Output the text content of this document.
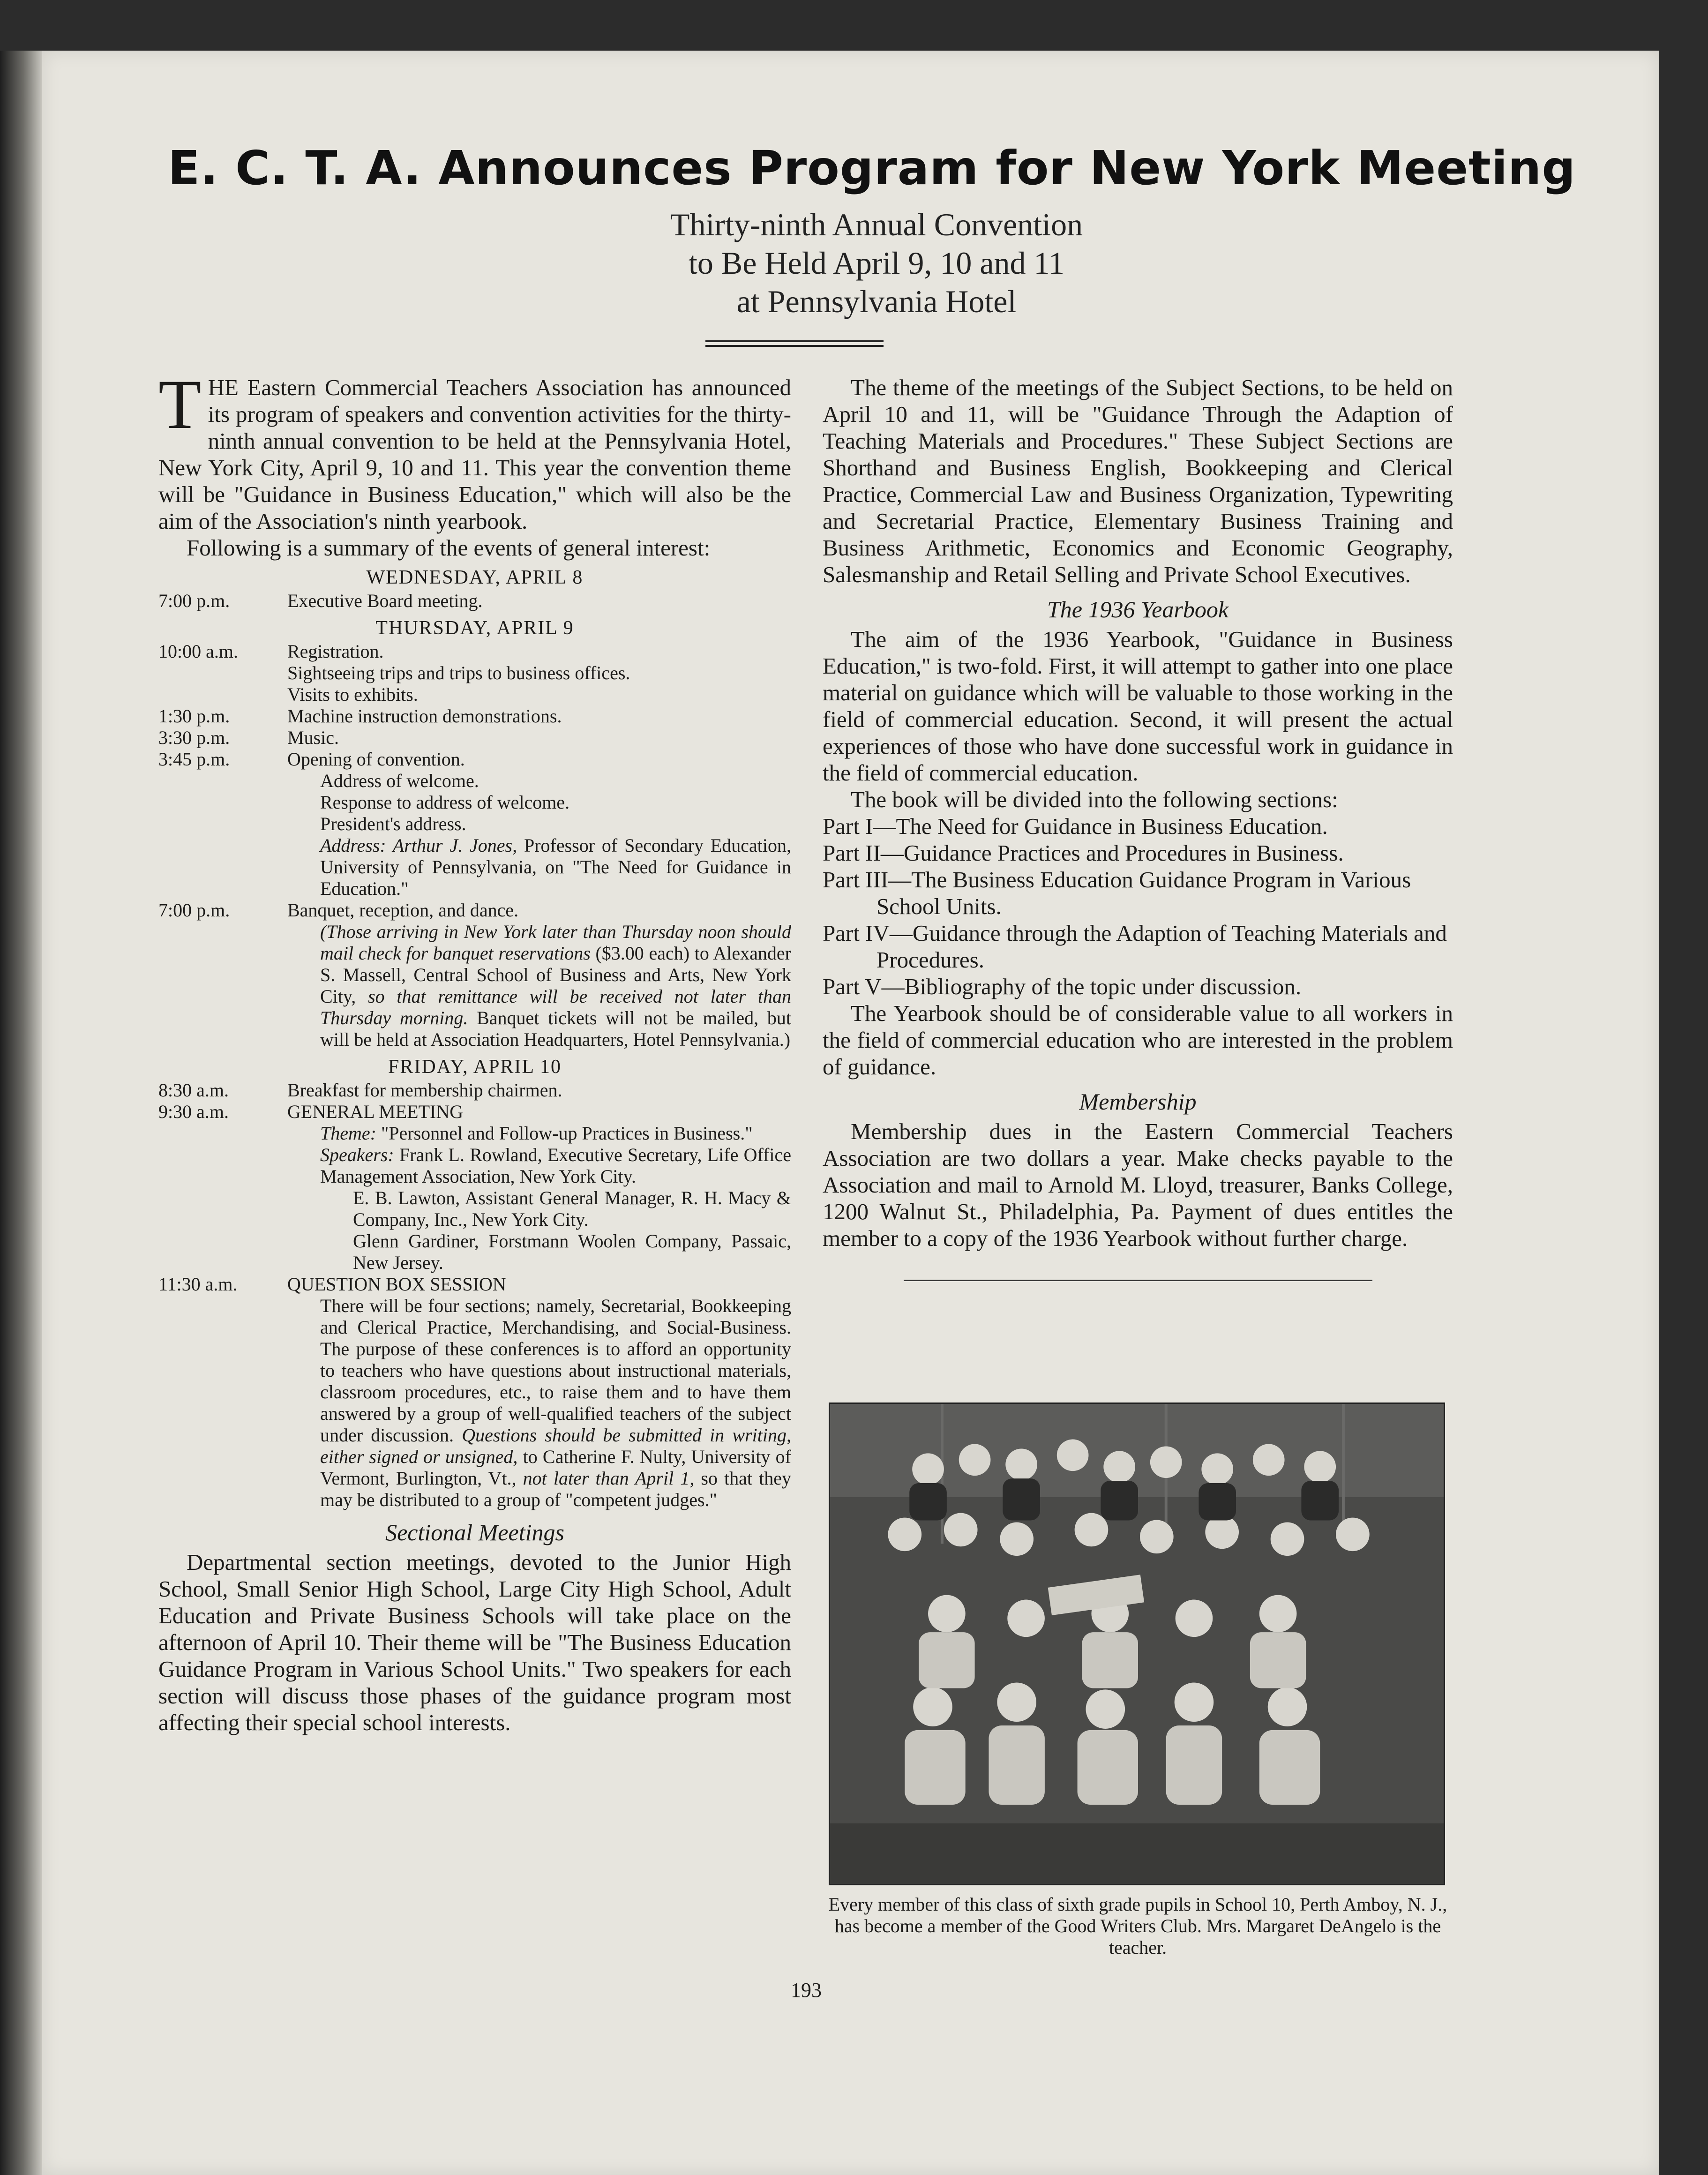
E. C. T. A. Announces Program for New York Meeting
Thirty-ninth Annual Convention
to Be Held April 9, 10 and 11
at Pennsylvania Hotel

THE Eastern Commercial Teachers Association has announced its program of speakers and convention activities for the thirty-ninth annual convention to be held at the Pennsylvania Hotel, New York City, April 9, 10 and 11. This year the convention theme will be "Guidance in Business Education," which will also be the aim of the Association's ninth yearbook.

Following is a summary of the events of general interest:

WEDNESDAY, APRIL 8
7:00 p.m.	Executive Board meeting.
THURSDAY, APRIL 9
10:00 a.m.	Registration.
Sightseeing trips and trips to business offices.
Visits to exhibits.
1:30 p.m.	Machine instruction demonstrations.
3:30 p.m.	Music.
3:45 p.m.	Opening of convention.
Address of welcome.
Response to address of welcome.
President's address.
Address: Arthur J. Jones, Professor of Secondary Education, University of Pennsylvania, on "The Need for Guidance in Education."
7:00 p.m.	Banquet, reception, and dance.
(Those arriving in New York later than Thursday noon should mail check for banquet reservations ($3.00 each) to Alexander S. Massell, Central School of Business and Arts, New York City, so that remittance will be received not later than Thursday morning. Banquet tickets will not be mailed, but will be held at Association Headquarters, Hotel Pennsylvania.)
FRIDAY, APRIL 10
8:30 a.m.	Breakfast for membership chairmen.
9:30 a.m.	GENERAL MEETING
Theme: "Personnel and Follow-up Practices in Business."
Speakers: Frank L. Rowland, Executive Secretary, Life Office Management Association, New York City.
E. B. Lawton, Assistant General Manager, R. H. Macy & Company, Inc., New York City.
Glenn Gardiner, Forstmann Woolen Company, Passaic, New Jersey.
11:30 a.m.	QUESTION BOX SESSION
There will be four sections; namely, Secretarial, Bookkeeping and Clerical Practice, Merchandising, and Social-Business. The purpose of these conferences is to afford an opportunity to teachers who have questions about instructional materials, classroom procedures, etc., to raise them and to have them answered by a group of well-qualified teachers of the subject under discussion. Questions should be submitted in writing, either signed or unsigned, to Catherine F. Nulty, University of Vermont, Burlington, Vt., not later than April 1, so that they may be distributed to a group of "competent judges."
Sectional Meetings

Departmental section meetings, devoted to the Junior High School, Small Senior High School, Large City High School, Adult Education and Private Business Schools will take place on the afternoon of April 10. Their theme will be "The Business Education Guidance Program in Various School Units." Two speakers for each section will discuss those phases of the guidance program most affecting their special school interests.

The theme of the meetings of the Subject Sections, to be held on April 10 and 11, will be "Guidance Through the Adaption of Teaching Materials and Procedures." These Subject Sections are Shorthand and Business English, Bookkeeping and Clerical Practice, Commercial Law and Business Organization, Typewriting and Secretarial Practice, Elementary Business Training and Business Arithmetic, Economics and Economic Geography, Salesmanship and Retail Selling and Private School Executives.

The 1936 Yearbook

The aim of the 1936 Yearbook, "Guidance in Business Education," is two-fold. First, it will attempt to gather into one place material on guidance which will be valuable to those working in the field of commercial education. Second, it will present the actual experiences of those who have done successful work in guidance in the field of commercial education.

The book will be divided into the following sections:

Part I—The Need for Guidance in Business Education.
Part II—Guidance Practices and Procedures in Business.
Part III—The Business Education Guidance Program in Various School Units.
Part IV—Guidance through the Adaption of Teaching Materials and Procedures.
Part V—Bibliography of the topic under discussion.

The Yearbook should be of considerable value to all workers in the field of commercial education who are interested in the problem of guidance.

Membership

Membership dues in the Eastern Commercial Teachers Association are two dollars a year. Make checks payable to the Association and mail to Arnold M. Lloyd, treasurer, Banks College, 1200 Walnut St., Philadelphia, Pa. Payment of dues entitles the member to a copy of the 1936 Yearbook without further charge.

Every member of this class of sixth grade pupils in School 10, Perth Amboy, N. J., has become a member of the Good Writers Club. Mrs. Margaret DeAngelo is the teacher.
193
